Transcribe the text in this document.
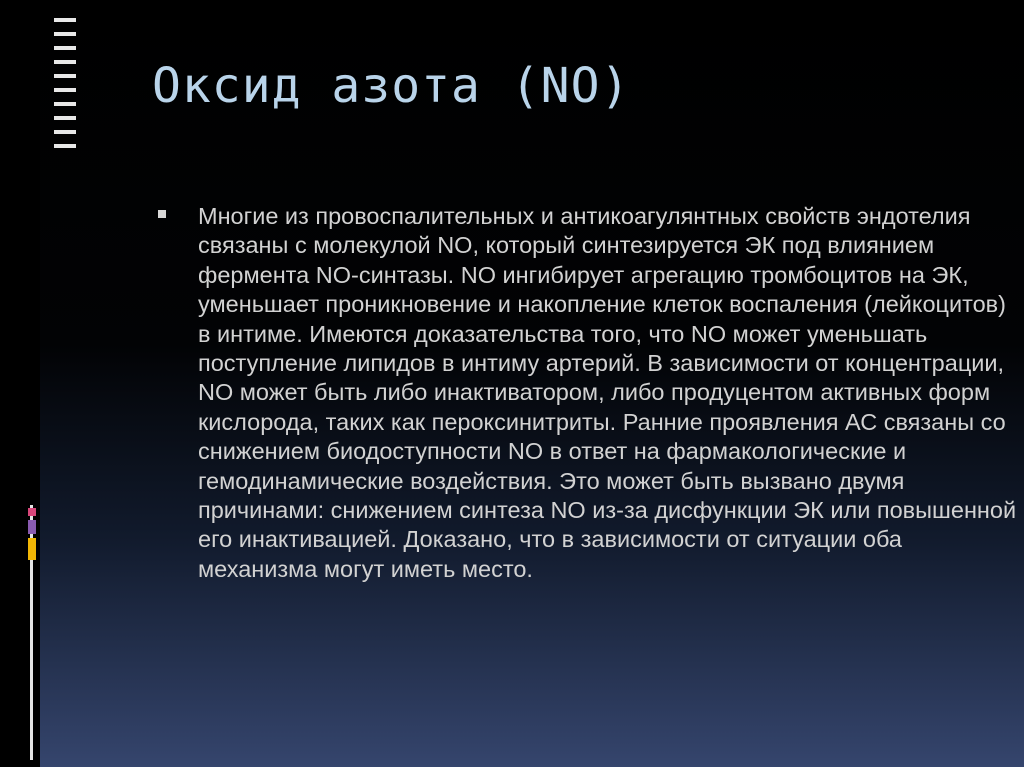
Оксид азота (NO)

Многие из провоспалительных и антикоагулянтных свойств эндотелия связаны с молекулой NO, который синтезируется ЭК под влиянием фермента NO-синтазы. NO ингибирует агрегацию тромбоцитов на ЭК, уменьшает проникновение и накопление клеток воспаления (лейкоцитов) в интиме. Имеются доказательства того, что NO может уменьшать поступление липидов в интиму артерий. В зависимости от концентрации, NO может быть либо инактиватором, либо продуцентом активных форм кислорода, таких как пероксинитриты. Ранние проявления АС связаны со снижением биодоступности NO в ответ на фармакологические и гемодинамические воздействия. Это может быть вызвано двумя причинами: снижением синтеза NO из-за дисфункции ЭК или повышенной его инактивацией. Доказано, что в зависимости от ситуации оба механизма могут иметь место.
